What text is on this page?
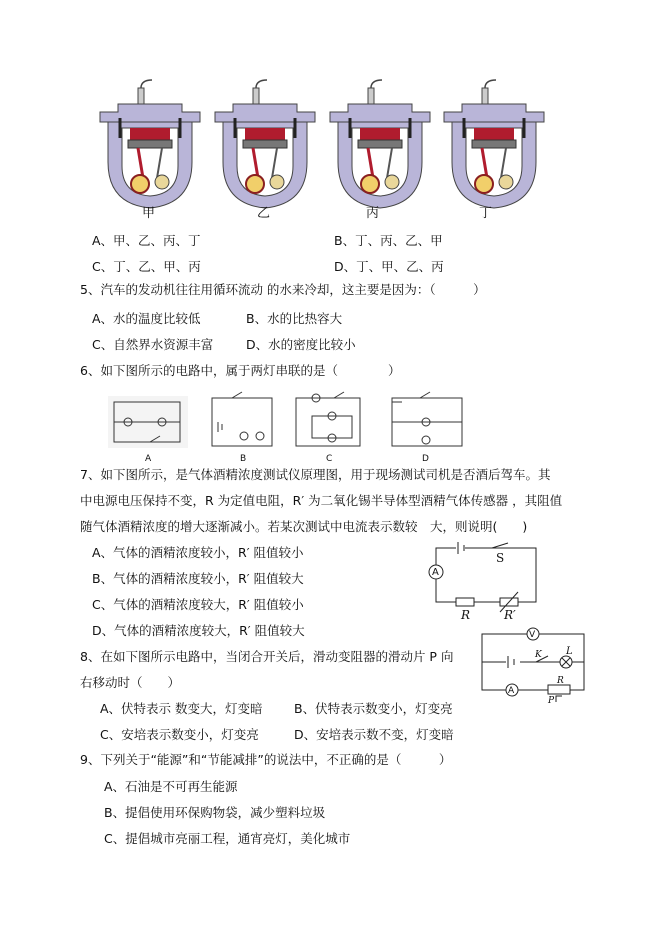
甲	乙	丙	丁
A、甲、乙、丙、丁	B、丁、丙、乙、甲
C、丁、乙、甲、丙	D、丁、甲、乙、丙
5、汽车的发动机往往用循环流动 的水来冷却，这主要是因为：（　　　）
A、水的温度比较低	B、水的比热容大
C、自然界水资源丰富	D、水的密度比较小
6、如下图所示的电路中，属于两灯串联的是（　　　　）
A	B	C	D
7、如下图所示，是气体酒精浓度测试仪原理图，用于现场测试司机是否酒后驾车。其
中电源电压保持不变，R 为定值电阻，R′ 为二氧化锡半导体型酒精气体传感器 ，其阻值
随气体酒精浓度的增大逐渐减小。若某次测试中电流表示数较　大，则说明(　　)
A、气体的酒精浓度较小，R′ 阻值较小
B、气体的酒精浓度较小，R′ 阻值较大
C、气体的酒精浓度较大，R′ 阻值较小
D、气体的酒精浓度较大，R′ 阻值较大
A
S
R	R′
8、在如下图所示电路中，当闭合开关后，滑动变阻器的滑动片 P 向
右移动时（　　）
A、伏特表示 数变大，灯变暗	B、伏特表示数变小，灯变亮
C、安培表示数变小，灯变亮	D、安培表示数不变，灯变暗
V
A
K L
R
P
9、下列关于“能源”和“节能减排”的说法中，不正确的是（　　　）
A、石油是不可再生能源
B、提倡使用环保购物袋，减少塑料垃圾
C、提倡城市亮丽工程，通宵亮灯，美化城市
